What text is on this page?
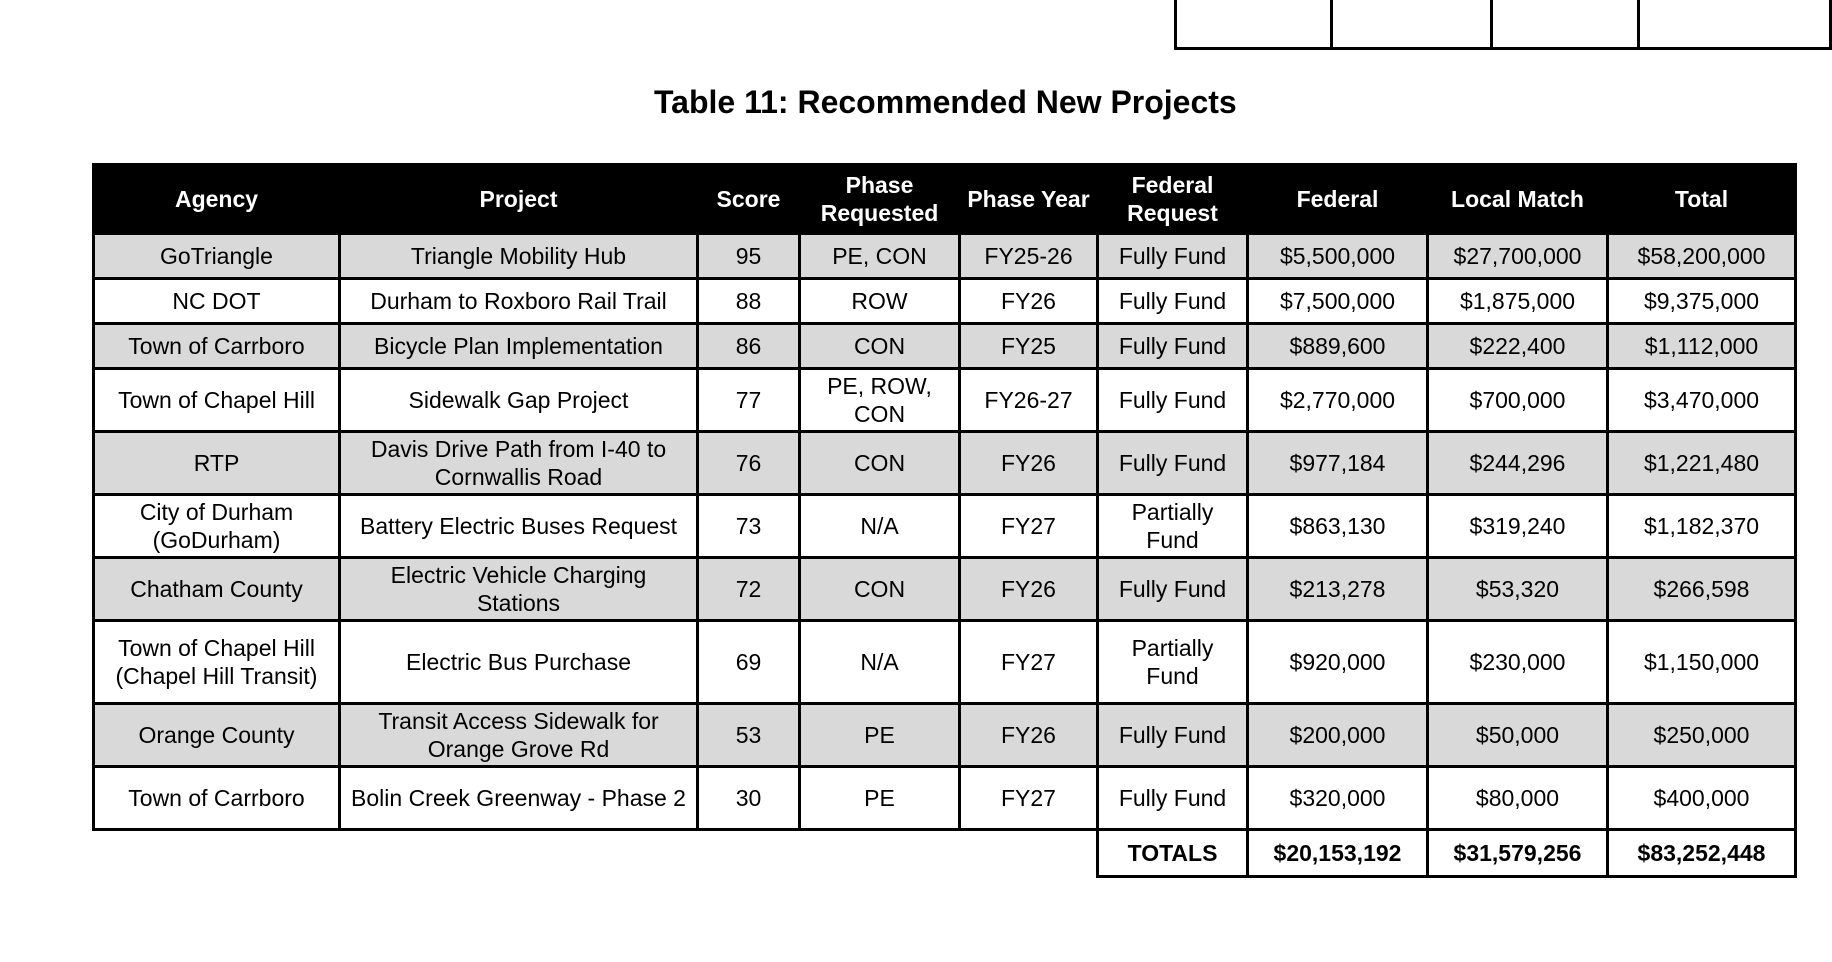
Table 11: Recommended New Projects
Agency	Project	Score	Phase Requested	Phase Year	Federal Request	Federal	Local Match	Total
GoTriangle	Triangle Mobility Hub	95	PE, CON	FY25-26	Fully Fund	$5,500,000	$27,700,000	$58,200,000
NC DOT	Durham to Roxboro Rail Trail	88	ROW	FY26	Fully Fund	$7,500,000	$1,875,000	$9,375,000
Town of Carrboro	Bicycle Plan Implementation	86	CON	FY25	Fully Fund	$889,600	$222,400	$1,112,000
Town of Chapel Hill	Sidewalk Gap Project	77	PE, ROW, CON	FY26-27	Fully Fund	$2,770,000	$700,000	$3,470,000
RTP	Davis Drive Path from I-40 to Cornwallis Road	76	CON	FY26	Fully Fund	$977,184	$244,296	$1,221,480
City of Durham (GoDurham)	Battery Electric Buses Request	73	N/A	FY27	Partially Fund	$863,130	$319,240	$1,182,370
Chatham County	Electric Vehicle Charging Stations	72	CON	FY26	Fully Fund	$213,278	$53,320	$266,598
Town of Chapel Hill (Chapel Hill Transit)	Electric Bus Purchase	69	N/A	FY27	Partially Fund	$920,000	$230,000	$1,150,000
Orange County	Transit Access Sidewalk for Orange Grove Rd	53	PE	FY26	Fully Fund	$200,000	$50,000	$250,000
Town of Carrboro	Bolin Creek Greenway - Phase 2	30	PE	FY27	Fully Fund	$320,000	$80,000	$400,000
					TOTALS	$20,153,192	$31,579,256	$83,252,448
